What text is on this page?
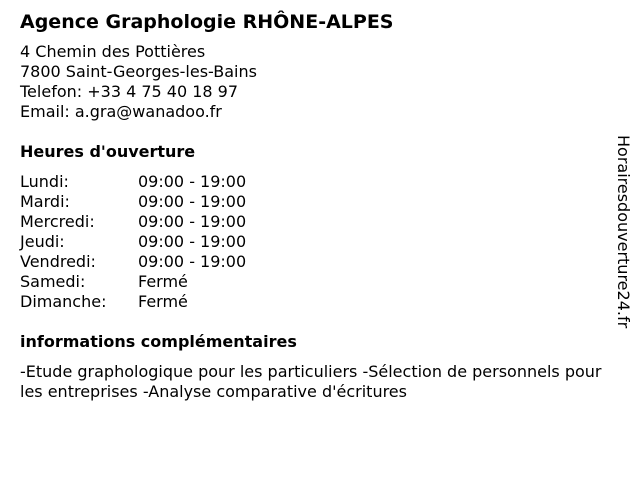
Agence Graphologie RHÔNE-ALPES
4 Chemin des Pottières
7800 Saint-Georges-les-Bains
Telefon: +33 4 75 40 18 97
Email: a.gra@wanadoo.fr
Heures d'ouverture
Lundi:	09:00 - 19:00
Mardi:	09:00 - 19:00
Mercredi:	09:00 - 19:00
Jeudi:	09:00 - 19:00
Vendredi:	09:00 - 19:00
Samedi:	Fermé
Dimanche:	Fermé
informations complémentaires
-Etude graphologique pour les particuliers -Sélection de personnels pour les entreprises -Analyse comparative d'écritures
Horairesdouverture24.fr
